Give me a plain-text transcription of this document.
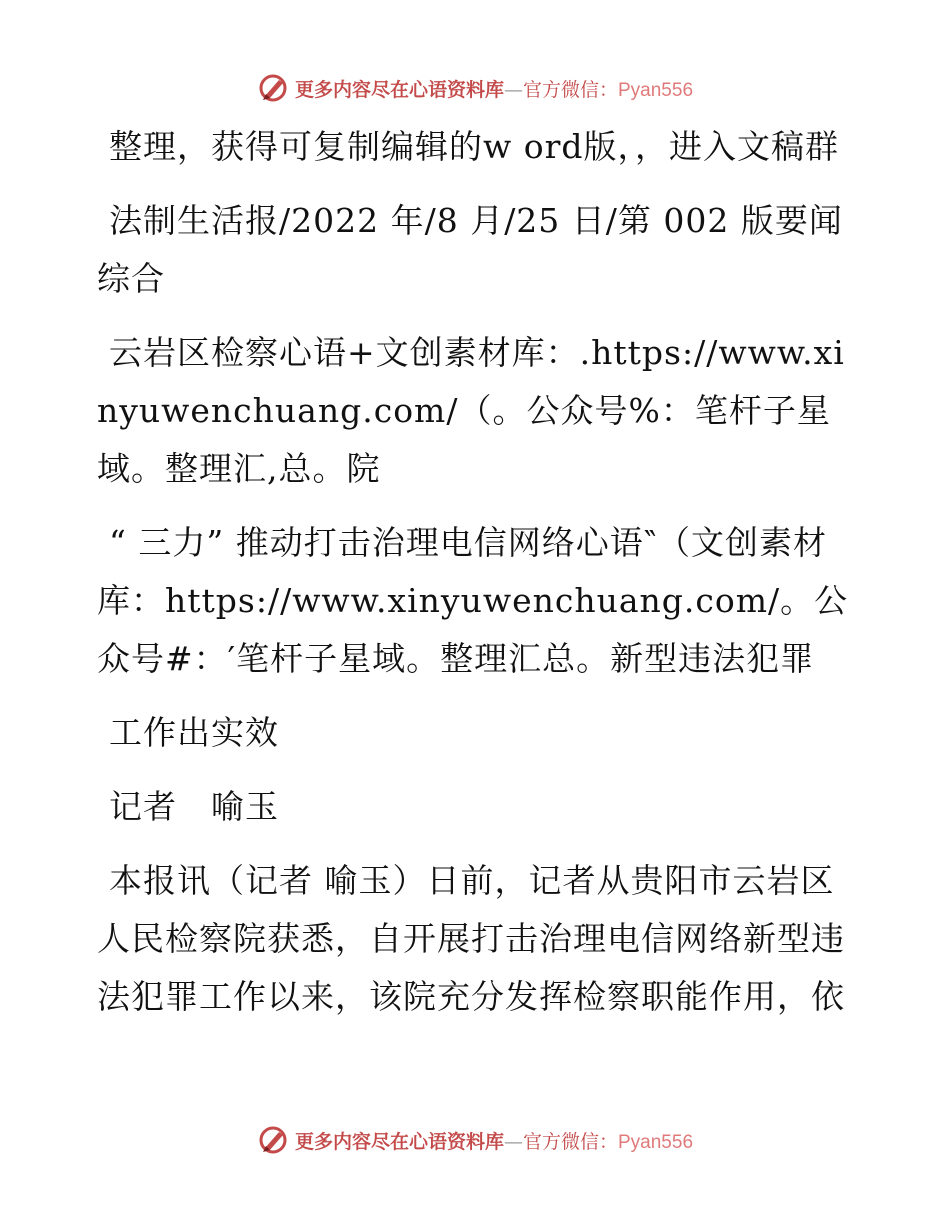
更多内容尽在心语资料库—官方微信：Pyan556

整理，获得可复制编辑的w ord版，，进入文稿群

法制生活报/2022 年/8 月/25 日/第 002 版要闻综合

云岩区检察心语+文创素材库：.https://www.xinyuwenchuang.com/（。公众号%：笔杆子星域。整理汇,总。院

“ 三力” 推动打击治理电信网络心语‶（文创素材库：https://www.xinyuwenchuang.com/。公众号#：′笔杆子星域。整理汇总。新型违法犯罪

工作出实效

记者　喻玉

本报讯（记者 喻玉）日前，记者从贵阳市云岩区人民检察院获悉，自开展打击治理电信网络新型违法犯罪工作以来，该院充分发挥检察职能作用，依

更多内容尽在心语资料库—官方微信：Pyan556
